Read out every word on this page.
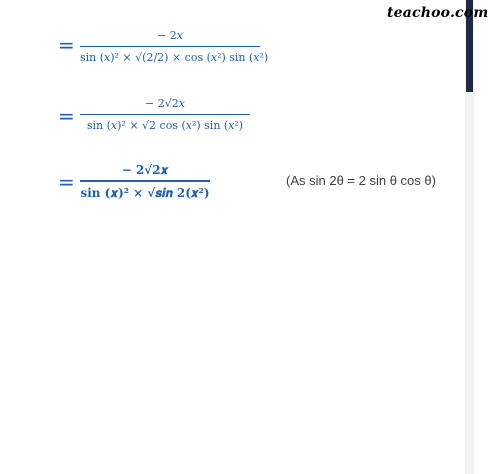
teachoo.com
=	− 2𝑥
sin (𝑥)² × √(2/2) × cos (𝑥²) sin (𝑥²)
=
− 2√2𝑥
sin (𝑥)² × √2 cos (𝑥²) sin (𝑥²)
=	− 2√2𝒙
sin (𝒙)² × √𝒔𝒊𝒏 𝟐(𝒙²)
(As sin 2θ = 2 sin θ cos θ)
